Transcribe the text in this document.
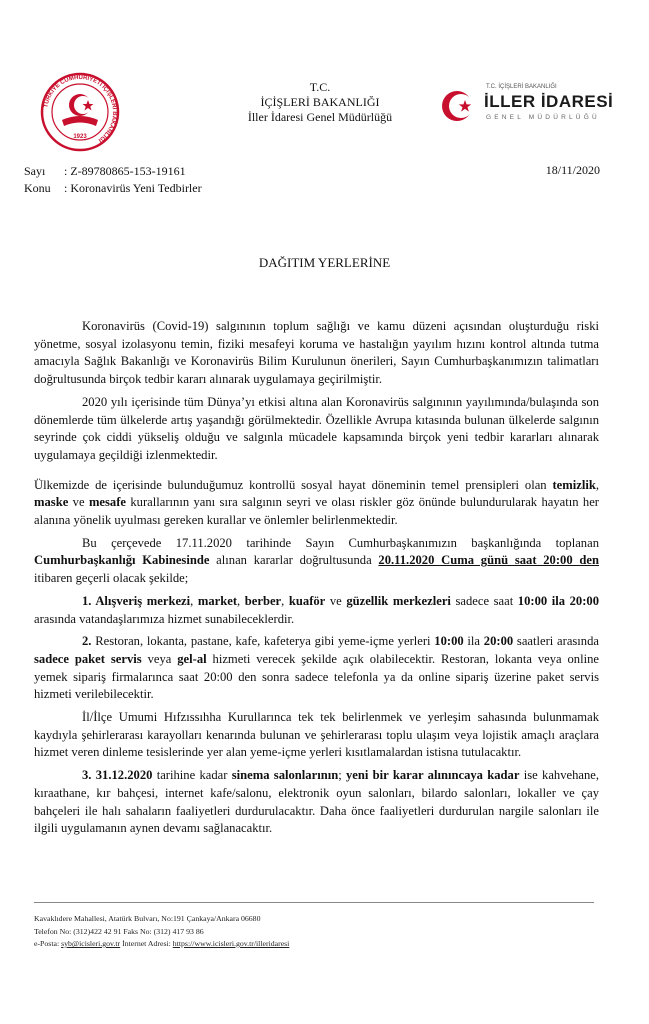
TÜRKİYE CUMHURİYETİ İÇİŞLERİ BAKANLIĞI
1923
T.C.
İÇİŞLERİ BAKANLIĞI
İller İdaresi Genel Müdürlüğü
T.C. İÇİŞLERİ BAKANLIĞI
İLLER İDARESİ
GENEL MÜDÜRLÜĞÜ
Sayı : Z-89780865-153-19161
Konu : Koronavirüs Yeni Tedbirler
18/11/2020
DAĞITIM YERLERİNE

Koronavirüs (Covid-19) salgınının toplum sağlığı ve kamu düzeni açısından oluşturduğu riski yönetme, sosyal izolasyonu temin, fiziki mesafeyi koruma ve hastalığın yayılım hızını kontrol altında tutma amacıyla Sağlık Bakanlığı ve Koronavirüs Bilim Kurulunun önerileri, Sayın Cumhurbaşkanımızın talimatları doğrultusunda birçok tedbir kararı alınarak uygulamaya geçirilmiştir.

2020 yılı içerisinde tüm Dünya’yı etkisi altına alan Koronavirüs salgınının yayılımında/bulaşında son dönemlerde tüm ülkelerde artış yaşandığı görülmektedir. Özellikle Avrupa kıtasında bulunan ülkelerde salgının seyrinde çok ciddi yükseliş olduğu ve salgınla mücadele kapsamında birçok yeni tedbir kararları alınarak uygulamaya geçildiği izlenmektedir.

Ülkemizde de içerisinde bulunduğumuz kontrollü sosyal hayat döneminin temel prensipleri olan temizlik, maske ve mesafe kurallarının yanı sıra salgının seyri ve olası riskler göz önünde bulundurularak hayatın her alanına yönelik uyulması gereken kurallar ve önlemler belirlenmektedir.

Bu çerçevede 17.11.2020 tarihinde Sayın Cumhurbaşkanımızın başkanlığında toplanan Cumhurbaşkanlığı Kabinesinde alınan kararlar doğrultusunda 20.11.2020 Cuma günü saat 20:00 den itibaren geçerli olacak şekilde;

1. Alışveriş merkezi, market, berber, kuaför ve güzellik merkezleri sadece saat 10:00 ila 20:00 arasında vatandaşlarımıza hizmet sunabileceklerdir.

2. Restoran, lokanta, pastane, kafe, kafeterya gibi yeme-içme yerleri 10:00 ila 20:00 saatleri arasında sadece paket servis veya gel-al hizmeti verecek şekilde açık olabilecektir. Restoran, lokanta veya online yemek sipariş firmalarınca saat 20:00 den sonra sadece telefonla ya da online sipariş üzerine paket servis hizmeti verilebilecektir.

İl/İlçe Umumi Hıfzıssıhha Kurullarınca tek tek belirlenmek ve yerleşim sahasında bulunmamak kaydıyla şehirlerarası karayolları kenarında bulunan ve şehirlerarası toplu ulaşım veya lojistik amaçlı araçlara hizmet veren dinleme tesislerinde yer alan yeme-içme yerleri kısıtlamalardan istisna tutulacaktır.

3. 31.12.2020 tarihine kadar sinema salonlarının; yeni bir karar alınıncaya kadar ise kahvehane, kıraathane, kır bahçesi, internet kafe/salonu, elektronik oyun salonları, bilardo salonları, lokaller ve çay bahçeleri ile halı sahaların faaliyetleri durdurulacaktır. Daha önce faaliyetleri durdurulan nargile salonları ile ilgili uygulamanın aynen devamı sağlanacaktır.

Kavaklıdere Mahallesi, Atatürk Bulvarı, No:191 Çankaya/Ankara 06680
Telefon No: (312)422 42 91 Faks No: (312) 417 93 86
e-Posta: syb@icisleri.gov.tr İnternet Adresi: https://www.icisleri.gov.tr/illeridaresi
